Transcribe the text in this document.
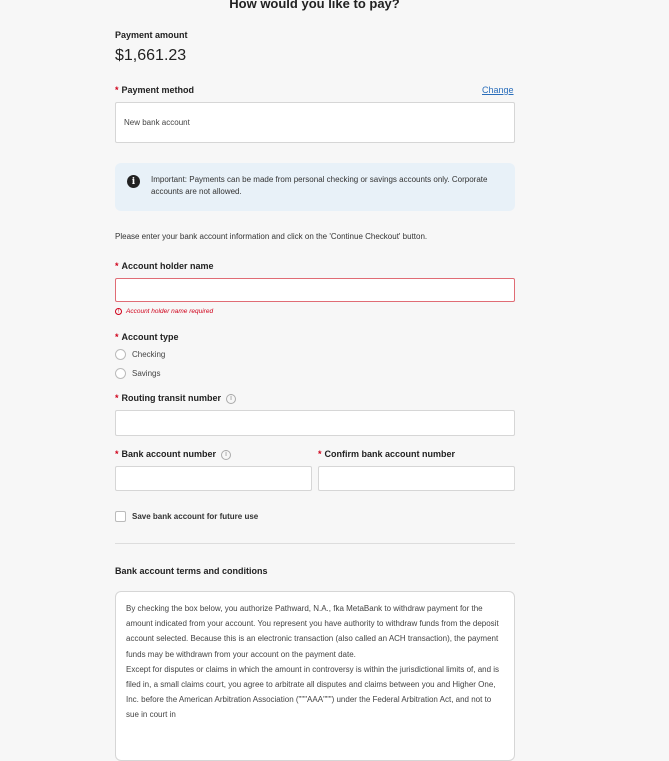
How would you like to pay?
Payment amount
$1,661.23
* Payment method	Change
New bank account
i	Important: Payments can be made from personal checking or savings accounts only. Corporate accounts are not allowed.
Please enter your bank account information and click on the 'Continue Checkout' button.
* Account holder name
!	Account holder name required
* Account type
Checking
Savings
* Routing transit number i
* Bank account number i	* Confirm bank account number
Save bank account for future use
Bank account terms and conditions

By checking the box below, you authorize Pathward, N.A., fka MetaBank to withdraw payment for the amount indicated from your account. You represent you have authority to withdraw funds from the deposit account selected. Because this is an electronic transaction (also called an ACH transaction), the payment funds may be withdrawn from your account on the payment date.

Except for disputes or claims in which the amount in controversy is within the jurisdictional limits of, and is filed in, a small claims court, you agree to arbitrate all disputes and claims between you and Higher One, Inc. before the American Arbitration Association ("""AAA""") under the Federal Arbitration Act, and not to sue in court in
